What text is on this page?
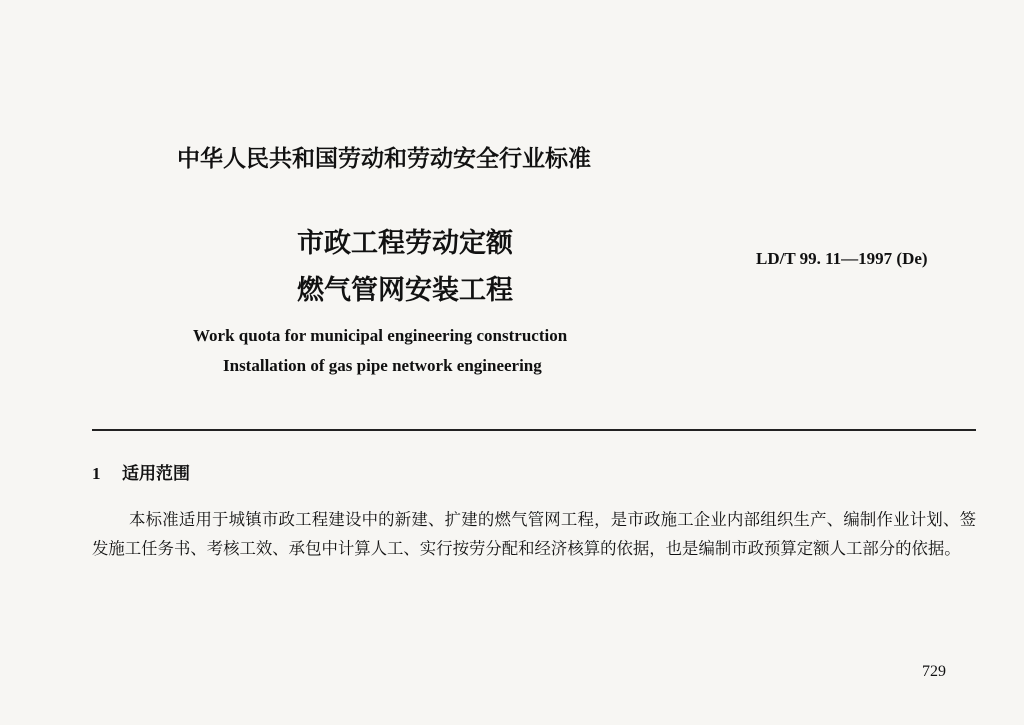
中华人民共和国劳动和劳动安全行业标准
市政工程劳动定额
燃气管网安装工程
LD/T 99. 11—1997 (De)
Work quota for municipal engineering construction
Installation of gas pipe network engineering
1 适用范围
本标准适用于城镇市政工程建设中的新建、扩建的燃气管网工程，是市政施工企业内部组织生产、编制作业计划、签发施工任务书、考核工效、承包中计算人工、实行按劳分配和经济核算的依据，也是编制市政预算定额人工部分的依据。
729
